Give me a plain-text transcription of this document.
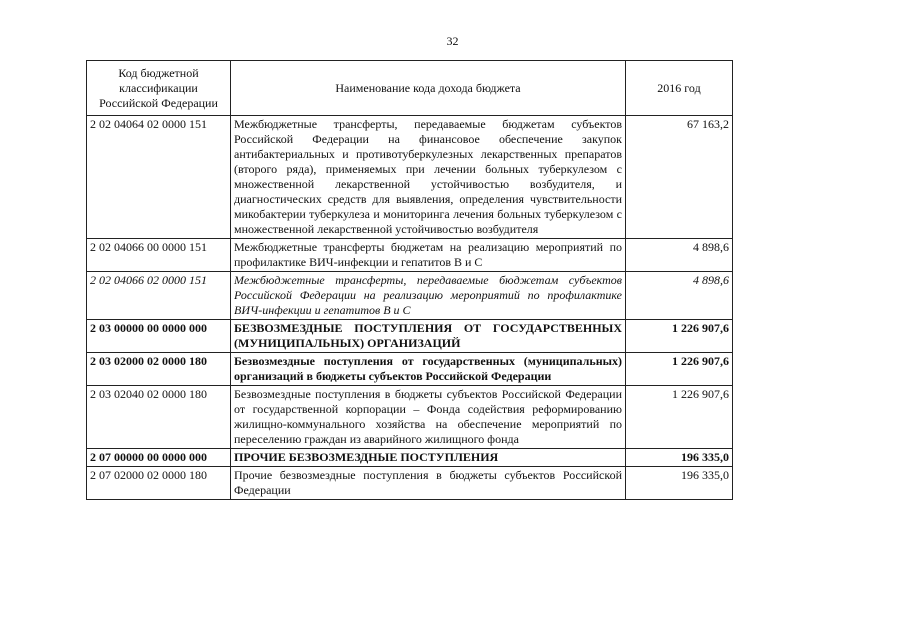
32
Код бюджетной классификации Российской Федерации	Наименование кода дохода бюджета	2016 год
2 02 04064 02 0000 151	Межбюджетные трансферты, передаваемые бюджетам субъектов Российской Федерации на финансовое обеспечение закупок антибактериальных и противотуберкулезных лекарственных препаратов (второго ряда), применяемых при лечении больных туберкулезом с множественной лекарственной устойчивостью возбудителя, и диагностических средств для выявления, определения чувствительности микобактерии туберкулеза и мониторинга лечения больных туберкулезом с множественной лекарственной устойчивостью возбудителя	67 163,2
2 02 04066 00 0000 151	Межбюджетные трансферты бюджетам на реализацию мероприятий по профилактике ВИЧ-инфекции и гепатитов В и С	4 898,6
2 02 04066 02 0000 151	Межбюджетные трансферты, передаваемые бюджетам субъектов Российской Федерации на реализацию мероприятий по профилактике ВИЧ-инфекции и гепатитов В и С	4 898,6
2 03 00000 00 0000 000	БЕЗВОЗМЕЗДНЫЕ ПОСТУПЛЕНИЯ ОТ ГОСУДАРСТВЕННЫХ (МУНИЦИПАЛЬНЫХ) ОРГАНИЗАЦИЙ	1 226 907,6
2 03 02000 02 0000 180	Безвозмездные поступления от государственных (муниципальных) организаций в бюджеты субъектов Российской Федерации	1 226 907,6
2 03 02040 02 0000 180	Безвозмездные поступления в бюджеты субъектов Российской Федерации от государственной корпорации – Фонда содействия реформированию жилищно-коммунального хозяйства на обеспечение мероприятий по переселению граждан из аварийного жилищного фонда	1 226 907,6
2 07 00000 00 0000 000	ПРОЧИЕ БЕЗВОЗМЕЗДНЫЕ ПОСТУПЛЕНИЯ	196 335,0
2 07 02000 02 0000 180	Прочие безвозмездные поступления в бюджеты субъектов Российской Федерации	196 335,0
